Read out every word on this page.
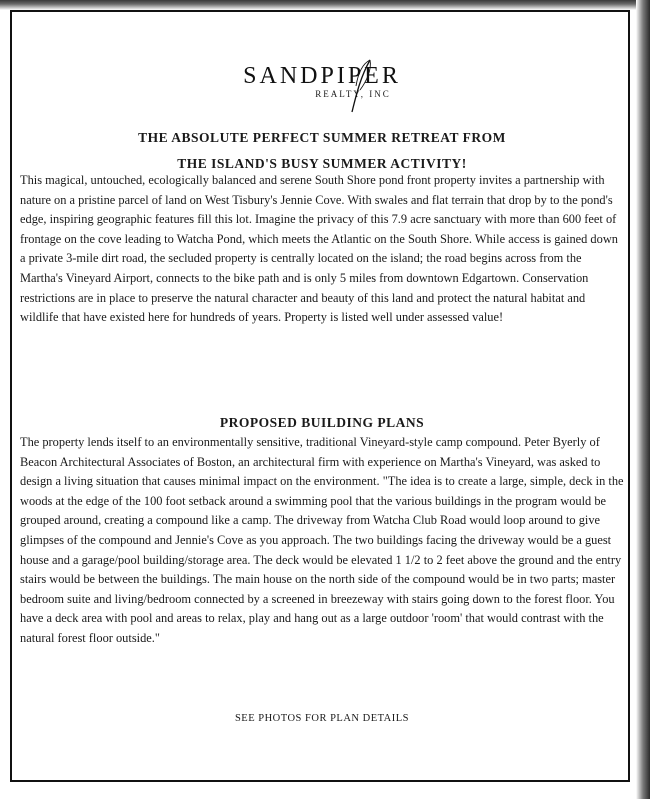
SANDPIPER
REALTY, INC
THE ABSOLUTE PERFECT SUMMER RETREAT FROM
THE ISLAND'S BUSY SUMMER ACTIVITY!
This magical, untouched, ecologically balanced and serene South Shore pond front property invites a partnership with nature on a pristine parcel of land on West Tisbury's Jennie Cove. With swales and flat terrain that drop by to the pond's edge, inspiring geographic features fill this lot. Imagine the privacy of this 7.9 acre sanctuary with more than 600 feet of frontage on the cove leading to Watcha Pond, which meets the Atlantic on the South Shore. While access is gained down a private 3-mile dirt road, the secluded property is centrally located on the island; the road begins across from the Martha's Vineyard Airport, connects to the bike path and is only 5 miles from downtown Edgartown. Conservation restrictions are in place to preserve the natural character and beauty of this land and protect the natural habitat and wildlife that have existed here for hundreds of years. Property is listed well under assessed value!
PROPOSED BUILDING PLANS
The property lends itself to an environmentally sensitive, traditional Vineyard-style camp compound. Peter Byerly of Beacon Architectural Associates of Boston, an architectural firm with experience on Martha's Vineyard, was asked to design a living situation that causes minimal impact on the environment. "The idea is to create a large, simple, deck in the woods at the edge of the 100 foot setback around a swimming pool that the various buildings in the program would be grouped around, creating a compound like a camp. The driveway from Watcha Club Road would loop around to give glimpses of the compound and Jennie's Cove as you approach. The two buildings facing the driveway would be a guest house and a garage/pool building/storage area. The deck would be elevated 1 1/2 to 2 feet above the ground and the entry stairs would be between the buildings. The main house on the north side of the compound would be in two parts; master bedroom suite and living/bedroom connected by a screened in breezeway with stairs going down to the forest floor. You have a deck area with pool and areas to relax, play and hang out as a large outdoor 'room' that would contrast with the natural forest floor outside."
SEE PHOTOS FOR PLAN DETAILS
